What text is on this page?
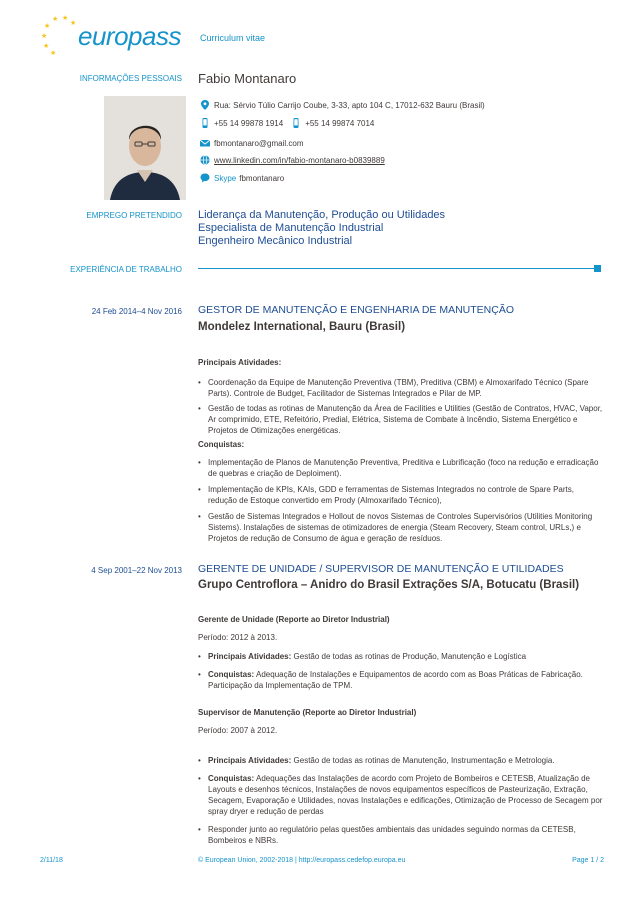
★
★ ★
★
★
★
★
europass Curriculum vitae
INFORMAÇÕES PESSOAIS Fabio Montanaro
Rua: Sérvio Túlio Carrijo Coube, 3-33, apto 104 C, 17012-632 Bauru (Brasil)
+55 14 99878 1914	+55 14 99874 7014
fbmontanaro@gmail.com
www.linkedin.com/in/fabio-montanaro-b0839889
Skype fbmontanaro
EMPREGO PRETENDIDO Liderança da Manutenção, Produção ou Utilidades
Especialista de Manutenção Industrial
Engenheiro Mecânico Industrial
EXPERIÊNCIA DE TRABALHO
24 Feb 2014–4 Nov 2016 GESTOR DE MANUTENÇÃO E ENGENHARIA DE MANUTENÇÃO
Mondelez International, Bauru (Brasil)
Principais Atividades:
• Coordenação da Equipe de Manutenção Preventiva (TBM), Preditiva (CBM) e Almoxarifado Técnico (Spare Parts). Controle de Budget, Facilitador de Sistemas Integrados e Pilar de MP.
• Gestão de todas as rotinas de Manutenção da Área de Facilities e Utilities (Gestão de Contratos, HVAC, Vapor, Ar comprimido, ETE, Refeitório, Predial, Elétrica, Sistema de Combate à Incêndio, Sistema Energético e Projetos de Otimizações energéticas.
Conquistas:
• Implementação de Planos de Manutenção Preventiva, Preditiva e Lubrificação (foco na redução e erradicação de quebras e criação de Deploiment).
• Implementação de KPIs, KAIs, GDD e ferramentas de Sistemas Integrados no controle de Spare Parts, redução de Estoque convertido em Prody (Almoxarifado Técnico),
• Gestão de Sistemas Integrados e Hollout de novos Sistemas de Controles Supervisórios (Utilities Monitoring Sistems). Instalações de sistemas de otimizadores de energia (Steam Recovery, Steam control, URLs,) e Projetos de redução de Consumo de água e geração de resíduos.
4 Sep 2001–22 Nov 2013 GERENTE DE UNIDADE / SUPERVISOR DE MANUTENÇÃO E UTILIDADES
Grupo Centroflora – Anidro do Brasil Extrações S/A, Botucatu (Brasil)
Gerente de Unidade (Reporte ao Diretor Industrial)
Período: 2012 à 2013.
• Principais Atividades: Gestão de todas as rotinas de Produção, Manutenção e Logística
• Conquistas: Adequação de Instalações e Equipamentos de acordo com as Boas Práticas de Fabricação. Participação da Implementação de TPM.
Supervisor de Manutenção (Reporte ao Diretor Industrial)
Período: 2007 à 2012.
• Principais Atividades: Gestão de todas as rotinas de Manutenção, Instrumentação e Metrologia.
• Conquistas: Adequações das Instalações de acordo com Projeto de Bombeiros e CETESB, Atualização de Layouts e desenhos técnicos, Instalações de novos equipamentos específicos de Pasteurização, Extração, Secagem, Evaporação e Utilidades, novas Instalações e edificações, Otimização de Processo de Secagem por spray dryer e redução de perdas
• Responder junto ao regulatório pelas questões ambientais das unidades seguindo normas da CETESB, Bombeiros e NBRs.
2/11/18	© European Union, 2002-2018 | http://europass.cedefop.europa.eu	Page 1 / 2
